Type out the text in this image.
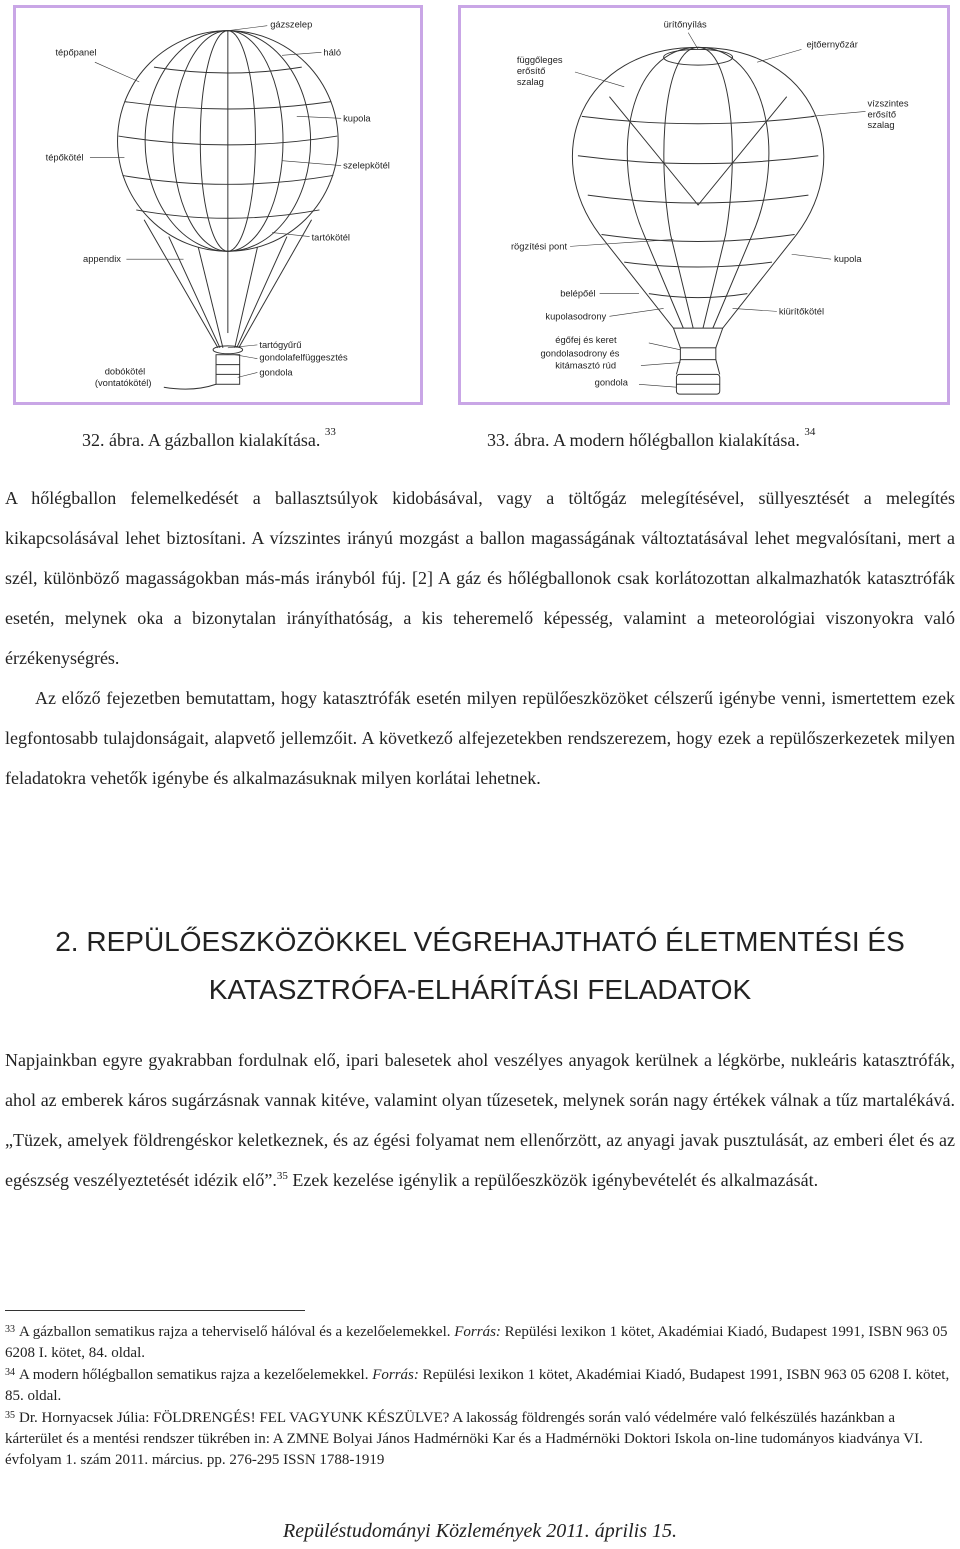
gázszelep
tépőpanel	háló
kupola
tépőkötél
szelepkötél
tartókötél
appendix
tartógyűrű
gondolafelfüggesztés
gondola
dobókötél
(vontatókötél)
ürítőnyílás
ejtőernyőzár
függőleges
erősítő
szalag
vízszintes
erősítő
szalag
rögzítési pont
kupola
belépőél
kupolasodrony	kiürítőkötél
égőfej és keret
gondolasodrony és
kitámasztó rúd
gondola
32. ábra. A gázballon kialakítása. $^{33}$	33. ábra. A modern hőlégballon kialakítása. $^{34}$

A hőlégballon felemelkedését a ballasztsúlyok kidobásával, vagy a töltőgáz melegítésével, süllyesztését a melegítés kikapcsolásával lehet biztosítani. A vízszintes irányú mozgást a ballon magasságának változtatásával lehet megvalósítani, mert a szél, különböző magasságokban más-más irányból fúj. [2] A gáz és hőlégballonok csak korlátozottan alkalmazhatók katasztrófák esetén, melynek oka a bizonytalan irányíthatóság, a kis teheremelő képesség, valamint a meteorológiai viszonyokra való érzékenységrés.

Az előző fejezetben bemutattam, hogy katasztrófák esetén milyen repülőeszközöket célszerű igénybe venni, ismertettem ezek legfontosabb tulajdonságait, alapvető jellemzőit. A következő alfejezetekben rendszerezem, hogy ezek a repülőszerkezetek milyen feladatokra vehetők igénybe és alkalmazásuknak milyen korlátai lehetnek.

2. REPÜLŐESZKÖZÖKKEL VÉGREHAJTHATÓ ÉLETMENTÉSI ÉS
KATASZTRÓFA-ELHÁRÍTÁSI FELADATOK

Napjainkban egyre gyakrabban fordulnak elő, ipari balesetek ahol veszélyes anyagok kerülnek a légkörbe, nukleáris katasztrófák, ahol az emberek káros sugárzásnak vannak kitéve, valamint olyan tűzesetek, melynek során nagy értékek válnak a tűz martalékává. „Tüzek, amelyek földrengéskor keletkeznek, és az égési folyamat nem ellenőrzött, az anyagi javak pusztulását, az emberi élet és az egészség veszélyeztetését idézik elő”.$^{35}$ Ezek kezelése igénylik a repülőeszközök igénybevételét és alkalmazását.

$^{33}$ A gázballon sematikus rajza a teherviselő hálóval és a kezelőelemekkel. Forrás: Repülési lexikon 1 kötet, Akadémiai Kiadó, Budapest 1991, ISBN 963 05 6208 I. kötet, 84. oldal.
$^{34}$ A modern hőlégballon sematikus rajza a kezelőelemekkel. Forrás: Repülési lexikon 1 kötet, Akadémiai Kiadó, Budapest 1991, ISBN 963 05 6208 I. kötet, 85. oldal.
$^{35}$ Dr. Hornyacsek Júlia: FÖLDRENGÉS! FEL VAGYUNK KÉSZÜLVE? A lakosság földrengés során való védelmére való felkészülés hazánkban a kárterület és a mentési rendszer tükrében in: A ZMNE Bolyai János Hadmérnöki Kar és a Hadmérnöki Doktori Iskola on-line tudományos kiadványa VI. évfolyam 1. szám 2011. március. pp. 276-295 ISSN 1788-1919
Repüléstudományi Közlemények 2011. április 15.
